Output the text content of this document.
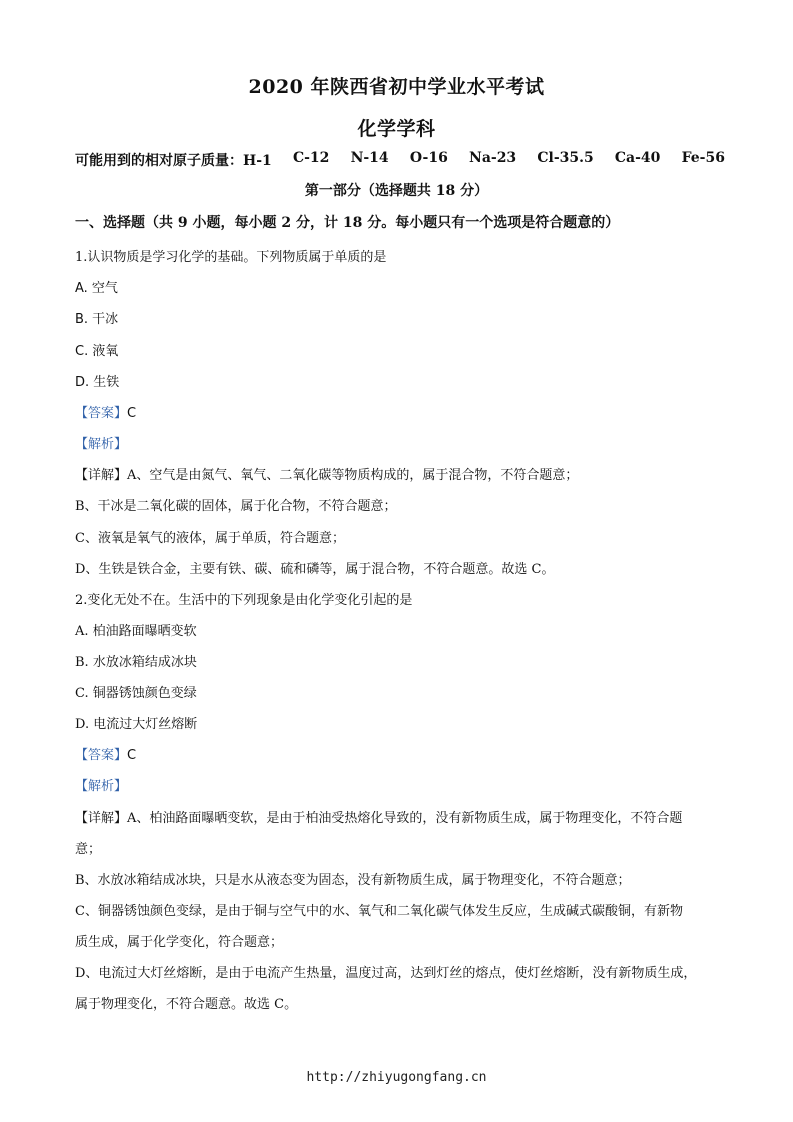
2020 年陕西省初中学业水平考试
化学学科
可能用到的相对原子质量：H-1 C-12 N-14 O-16 Na-23 Cl-35.5 Ca-40 Fe-56
第一部分（选择题共 18 分）
一、选择题（共 9 小题，每小题 2 分，计 18 分。每小题只有一个选项是符合题意的）
1.认识物质是学习化学的基础。下列物质属于单质的是
A. 空气
B. 干冰
C. 液氧
D. 生铁
【答案】C
【解析】
【详解】A、空气是由氮气、氧气、二氧化碳等物质构成的，属于混合物，不符合题意；
B、干冰是二氧化碳的固体，属于化合物，不符合题意；
C、液氧是氧气的液体，属于单质，符合题意；
D、生铁是铁合金，主要有铁、碳、硫和磷等，属于混合物，不符合题意。故选 C。
2.变化无处不在。生活中的下列现象是由化学变化引起的是
A. 柏油路面曝晒变软
B. 水放冰箱结成冰块
C. 铜器锈蚀颜色变绿
D. 电流过大灯丝熔断
【答案】C
【解析】
【详解】A、柏油路面曝晒变软，是由于柏油受热熔化导致的，没有新物质生成，属于物理变化，不符合题
意；
B、水放冰箱结成冰块，只是水从液态变为固态，没有新物质生成，属于物理变化，不符合题意；
C、铜器锈蚀颜色变绿，是由于铜与空气中的水、氧气和二氧化碳气体发生反应，生成碱式碳酸铜，有新物
质生成，属于化学变化，符合题意；
D、电流过大灯丝熔断，是由于电流产生热量，温度过高，达到灯丝的熔点，使灯丝熔断，没有新物质生成，
属于物理变化，不符合题意。故选 C。
http://zhiyugongfang.cn
